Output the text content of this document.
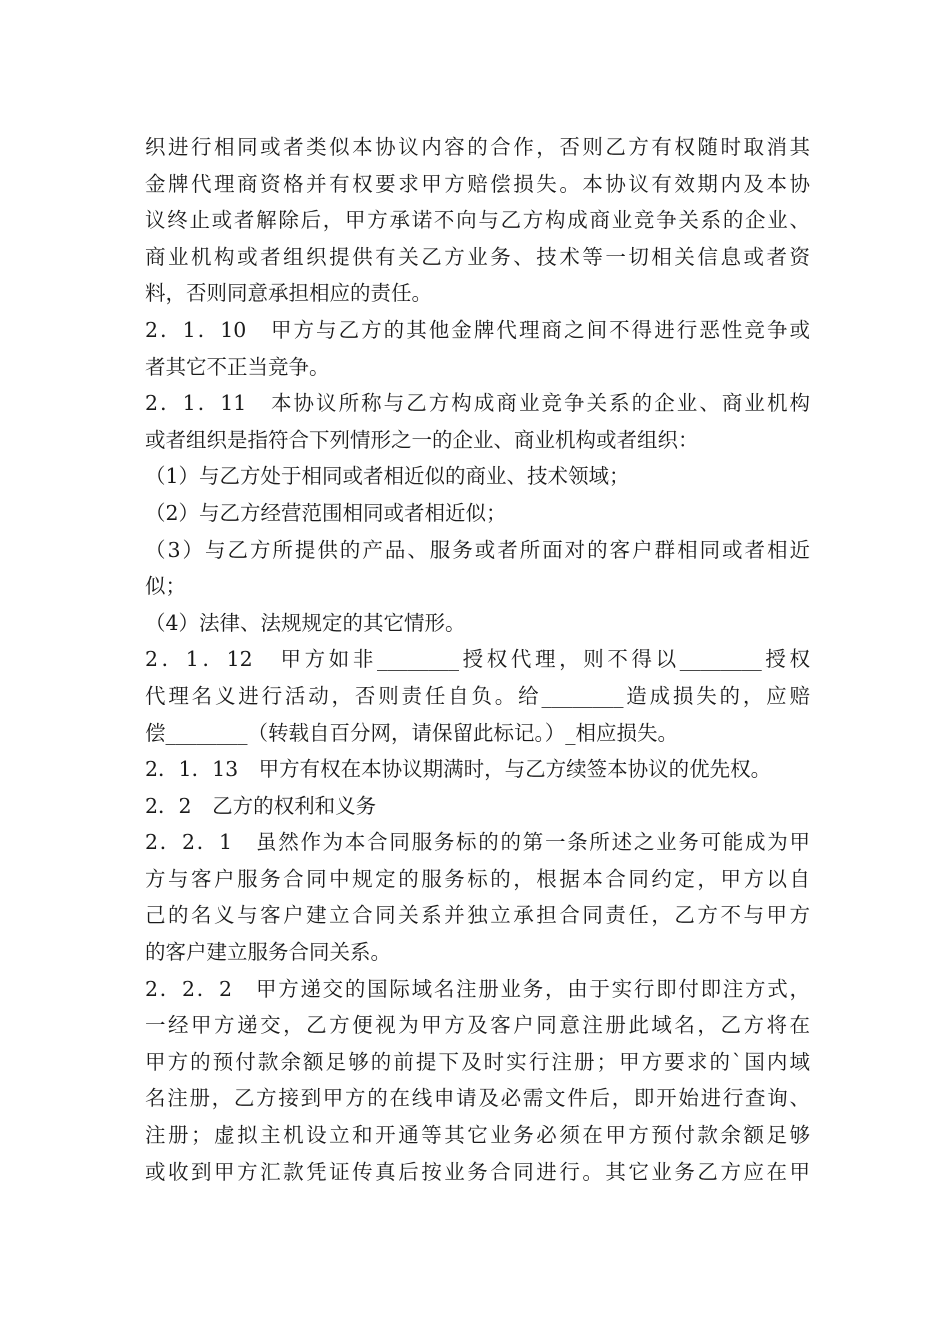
织进行相同或者类似本协议内容的合作，否则乙方有权随时取消其
金牌代理商资格并有权要求甲方赔偿损失。本协议有效期内及本协
议终止或者解除后，甲方承诺不向与乙方构成商业竞争关系的企业、
商业机构或者组织提供有关乙方业务、技术等一切相关信息或者资
料，否则同意承担相应的责任。
2．1．10　甲方与乙方的其他金牌代理商之间不得进行恶性竞争或
者其它不正当竞争。
2．1．11　本协议所称与乙方构成商业竞争关系的企业、商业机构
或者组织是指符合下列情形之一的企业、商业机构或者组织：
（1）与乙方处于相同或者相近似的商业、技术领域；
（2）与乙方经营范围相同或者相近似；
（3）与乙方所提供的产品、服务或者所面对的客户群相同或者相近
似；
（4）法律、法规规定的其它情形。
2．1．12　甲方如非________授权代理，则不得以________授权
代理名义进行活动，否则责任自负。给________造成损失的，应赔
偿________（转载自百分网，请保留此标记。）_相应损失。
2．1．13　甲方有权在本协议期满时，与乙方续签本协议的优先权。
2．2　乙方的权利和义务
2．2．1　虽然作为本合同服务标的的第一条所述之业务可能成为甲
方与客户服务合同中规定的服务标的，根据本合同约定，甲方以自
己的名义与客户建立合同关系并独立承担合同责任，乙方不与甲方
的客户建立服务合同关系。
2．2．2　甲方递交的国际域名注册业务，由于实行即付即注方式，
一经甲方递交，乙方便视为甲方及客户同意注册此域名，乙方将在
甲方的预付款余额足够的前提下及时实行注册；甲方要求的`国内域
名注册，乙方接到甲方的在线申请及必需文件后，即开始进行查询、
注册；虚拟主机设立和开通等其它业务必须在甲方预付款余额足够
或收到甲方汇款凭证传真后按业务合同进行。其它业务乙方应在甲
